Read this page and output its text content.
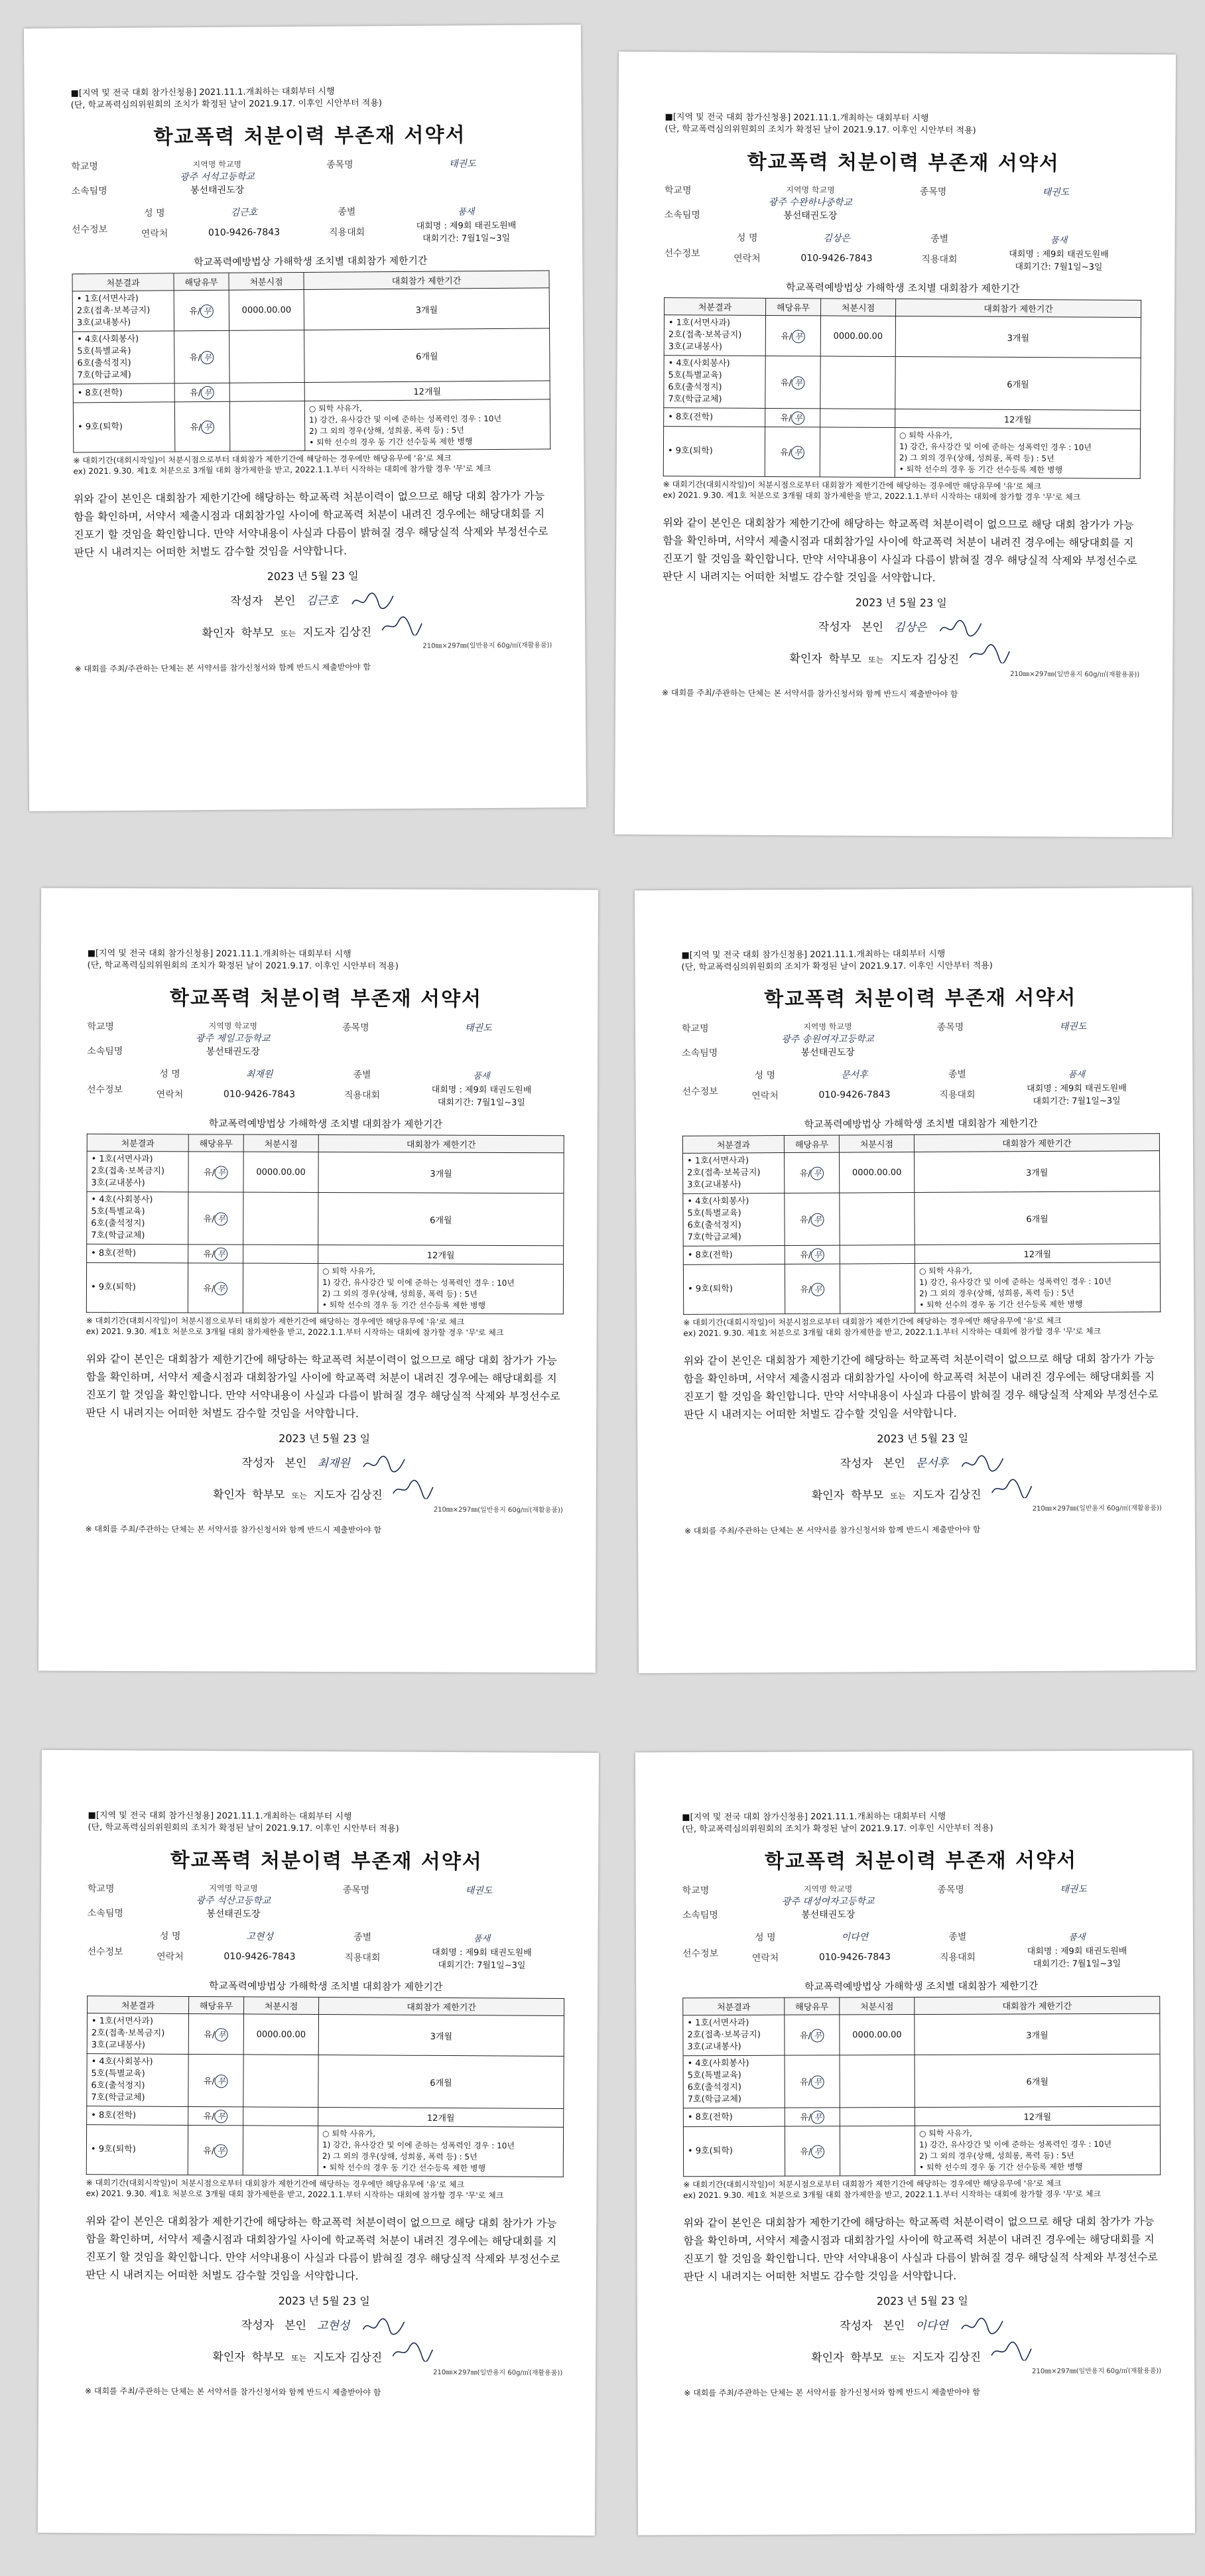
■[지역 및 전국 대회 참가신청용] 2021.11.1.개최하는 대회부터 시행
(단, 학교폭력심의위원회의 조치가 확정된 날이 2021.9.17. 이후인 시안부터 적용)
학교폭력 처분이력 부존재 서약서
학교명	지역명 학교명
광주 서석고등학교
종목명	태권도
소속팀명	봉선태권도장
선수정보
성 명	김근호	종별	품새
연락처	010-9426-7843	직용대회
대회명 : 제9회 태권도원배
대회기간: 7월1일~3일
학교폭력예방법상 가해학생 조치별 대회참가 제한기간
처분결과	해당유무	처분시점	대회참가 제한기간
• 1호(서면사과)
2호(접촉·보복금지)
3호(교내봉사)	유/ 무	0000.00.00	3개월
• 4호(사회봉사)
5호(특별교육)
6호(출석정지)
7호(학급교체)	유/ 무		6개월
• 8호(전학)	유/ 무		12개월
• 9호(퇴학)	유/ 무		○ 퇴학 사유가,
1) 강간, 유사강간 및 이에 준하는 성폭력인 경우 : 10년
2) 그 외의 경우(상해, 성희롱, 폭력 등) : 5년
• 퇴학 선수의 경우 동 기간 선수등록 제한 병행
※ 대회기간(대회시작일)이 처분시점으로부터 대회참가 제한기간에 해당하는 경우에만 해당유무에 '유'로 체크
ex) 2021. 9.30. 제1호 처분으로 3개월 대회 참가제한을 받고, 2022.1.1.부터 시작하는 대회에 참가할 경우 '무'로 체크
위와 같이 본인은 대회참가 제한기간에 해당하는 학교폭력 처분이력이 없으므로 해당 대회 참가가 가능함을 확인하며, 서약서 제출시점과 대회참가일 사이에 학교폭력 처분이 내려진 경우에는 해당대회를 지진포기 할 것임을 확인합니다. 만약 서약내용이 사실과 다름이 밝혀질 경우 해당실적 삭제와 부정선수로 판단 시 내려지는 어떠한 처벌도 감수할 것임을 서약합니다.
2023 년 5월 23 일
작성자 본인 김근호
확인자 학부모 또는 지도자 김상진
210㎜×297㎜(일반용지 60g/㎡(재활용품))
※ 대회를 주최/주관하는 단체는 본 서약서를 참가신청서와 함께 반드시 제출받아야 함
■[지역 및 전국 대회 참가신청용] 2021.11.1.개최하는 대회부터 시행
(단, 학교폭력심의위원회의 조치가 확정된 날이 2021.9.17. 이후인 시안부터 적용)
학교폭력 처분이력 부존재 서약서
학교명	지역명 학교명
광주 수완하나중학교
종목명	태권도
소속팀명	봉선태권도장
선수정보
성 명	김상은	종별	품새
연락처	010-9426-7843	직용대회	대회명 : 제9회 태권도원배
대회기간: 7월1일~3일
학교폭력예방법상 가해학생 조치별 대회참가 제한기간
처분결과	해당유무	처분시점	대회참가 제한기간
• 1호(서면사과)
2호(접촉·보복금지)
3호(교내봉사)	유/ 무	0000.00.00	3개월
• 4호(사회봉사)
5호(특별교육)
6호(출석정지)
7호(학급교체)	유/ 무		6개월
• 8호(전학)	유/ 무		12개월
• 9호(퇴학)	유/ 무		○ 퇴학 사유가,
1) 강간, 유사강간 및 이에 준하는 성폭력인 경우 : 10년
2) 그 외의 경우(상해, 성희롱, 폭력 등) : 5년
• 퇴학 선수의 경우 동 기간 선수등록 제한 병행
※ 대회기간(대회시작일)이 처분시점으로부터 대회참가 제한기간에 해당하는 경우에만 해당유무에 '유'로 체크
ex) 2021. 9.30. 제1호 처분으로 3개월 대회 참가제한을 받고, 2022.1.1.부터 시작하는 대회에 참가할 경우 '무'로 체크
위와 같이 본인은 대회참가 제한기간에 해당하는 학교폭력 처분이력이 없으므로 해당 대회 참가가 가능함을 확인하며, 서약서 제출시점과 대회참가일 사이에 학교폭력 처분이 내려진 경우에는 해당대회를 지진포기 할 것임을 확인합니다. 만약 서약내용이 사실과 다름이 밝혀질 경우 해당실적 삭제와 부정선수로 판단 시 내려지는 어떠한 처벌도 감수할 것임을 서약합니다.
2023 년 5월 23 일
작성자 본인 김상은
확인자 학부모 또는 지도자 김상진
210㎜×297㎜(일반용지 60g/㎡(재활용품))
※ 대회를 주최/주관하는 단체는 본 서약서를 참가신청서와 함께 반드시 제출받아야 함
■[지역 및 전국 대회 참가신청용] 2021.11.1.개최하는 대회부터 시행
(단, 학교폭력심의위원회의 조치가 확정된 날이 2021.9.17. 이후인 시안부터 적용)
학교폭력 처분이력 부존재 서약서
학교명	지역명 학교명
광주 제일고등학교
종목명	태권도
소속팀명	봉선태권도장
선수정보
성 명	최재원	종별	품새
연락처	010-9426-7843	직용대회	대회명 : 제9회 태권도원배
대회기간: 7월1일~3일
학교폭력예방법상 가해학생 조치별 대회참가 제한기간
처분결과	해당유무	처분시점	대회참가 제한기간
• 1호(서면사과)
2호(접촉·보복금지)
3호(교내봉사)	유/ 무	0000.00.00	3개월
• 4호(사회봉사)
5호(특별교육)
6호(출석정지)
7호(학급교체)	유/ 무		6개월
• 8호(전학)	유/ 무		12개월
• 9호(퇴학)	유/ 무		○ 퇴학 사유가,
1) 강간, 유사강간 및 이에 준하는 성폭력인 경우 : 10년
2) 그 외의 경우(상해, 성희롱, 폭력 등) : 5년
• 퇴학 선수의 경우 동 기간 선수등록 제한 병행
※ 대회기간(대회시작일)이 처분시점으로부터 대회참가 제한기간에 해당하는 경우에만 해당유무에 '유'로 체크
ex) 2021. 9.30. 제1호 처분으로 3개월 대회 참가제한을 받고, 2022.1.1.부터 시작하는 대회에 참가할 경우 '무'로 체크
위와 같이 본인은 대회참가 제한기간에 해당하는 학교폭력 처분이력이 없으므로 해당 대회 참가가 가능함을 확인하며, 서약서 제출시점과 대회참가일 사이에 학교폭력 처분이 내려진 경우에는 해당대회를 지진포기 할 것임을 확인합니다. 만약 서약내용이 사실과 다름이 밝혀질 경우 해당실적 삭제와 부정선수로 판단 시 내려지는 어떠한 처벌도 감수할 것임을 서약합니다.
2023 년 5월 23 일
작성자 본인 최재원
확인자 학부모 또는 지도자 김상진
210㎜×297㎜(일반용지 60g/㎡(재활용품))
※ 대회를 주최/주관하는 단체는 본 서약서를 참가신청서와 함께 반드시 제출받아야 함
■[지역 및 전국 대회 참가신청용] 2021.11.1.개최하는 대회부터 시행
(단, 학교폭력심의위원회의 조치가 확정된 날이 2021.9.17. 이후인 시안부터 적용)
학교폭력 처분이력 부존재 서약서
학교명	지역명 학교명
광주 송원여자고등학교
종목명	태권도
소속팀명	봉선태권도장
선수정보
성 명	문서후	종별	품새
연락처	010-9426-7843	직용대회
대회명 : 제9회 태권도원배
대회기간: 7월1일~3일
학교폭력예방법상 가해학생 조치별 대회참가 제한기간
처분결과	해당유무	처분시점	대회참가 제한기간
• 1호(서면사과)
2호(접촉·보복금지)
3호(교내봉사)	유/ 무	0000.00.00	3개월
• 4호(사회봉사)
5호(특별교육)
6호(출석정지)
7호(학급교체)	유/ 무		6개월
• 8호(전학)	유/ 무		12개월
• 9호(퇴학)	유/ 무		○ 퇴학 사유가,
1) 강간, 유사강간 및 이에 준하는 성폭력인 경우 : 10년
2) 그 외의 경우(상해, 성희롱, 폭력 등) : 5년
• 퇴학 선수의 경우 동 기간 선수등록 제한 병행
※ 대회기간(대회시작일)이 처분시점으로부터 대회참가 제한기간에 해당하는 경우에만 해당유무에 '유'로 체크
ex) 2021. 9.30. 제1호 처분으로 3개월 대회 참가제한을 받고, 2022.1.1.부터 시작하는 대회에 참가할 경우 '무'로 체크
위와 같이 본인은 대회참가 제한기간에 해당하는 학교폭력 처분이력이 없으므로 해당 대회 참가가 가능함을 확인하며, 서약서 제출시점과 대회참가일 사이에 학교폭력 처분이 내려진 경우에는 해당대회를 지진포기 할 것임을 확인합니다. 만약 서약내용이 사실과 다름이 밝혀질 경우 해당실적 삭제와 부정선수로 판단 시 내려지는 어떠한 처벌도 감수할 것임을 서약합니다.
2023 년 5월 23 일
작성자 본인 문서후
확인자 학부모 또는 지도자 김상진
210㎜×297㎜(일반용지 60g/㎡(재활용품))
※ 대회를 주최/주관하는 단체는 본 서약서를 참가신청서와 함께 반드시 제출받아야 함
■[지역 및 전국 대회 참가신청용] 2021.11.1.개최하는 대회부터 시행
(단, 학교폭력심의위원회의 조치가 확정된 날이 2021.9.17. 이후인 시안부터 적용)
학교폭력 처분이력 부존재 서약서
학교명	지역명 학교명
광주 석산고등학교
종목명	태권도
소속팀명	봉선태권도장
선수정보
성 명	고현성	종별	품새
연락처	010-9426-7843	직용대회	대회명 : 제9회 태권도원배
대회기간: 7월1일~3일
학교폭력예방법상 가해학생 조치별 대회참가 제한기간
처분결과	해당유무	처분시점	대회참가 제한기간
• 1호(서면사과)
2호(접촉·보복금지)
3호(교내봉사)	유/ 무	0000.00.00	3개월
• 4호(사회봉사)
5호(특별교육)
6호(출석정지)
7호(학급교체)	유/ 무		6개월
• 8호(전학)	유/ 무		12개월
• 9호(퇴학)	유/ 무		○ 퇴학 사유가,
1) 강간, 유사강간 및 이에 준하는 성폭력인 경우 : 10년
2) 그 외의 경우(상해, 성희롱, 폭력 등) : 5년
• 퇴학 선수의 경우 동 기간 선수등록 제한 병행
※ 대회기간(대회시작일)이 처분시점으로부터 대회참가 제한기간에 해당하는 경우에만 해당유무에 '유'로 체크
ex) 2021. 9.30. 제1호 처분으로 3개월 대회 참가제한을 받고, 2022.1.1.부터 시작하는 대회에 참가할 경우 '무'로 체크
위와 같이 본인은 대회참가 제한기간에 해당하는 학교폭력 처분이력이 없으므로 해당 대회 참가가 가능함을 확인하며, 서약서 제출시점과 대회참가일 사이에 학교폭력 처분이 내려진 경우에는 해당대회를 지진포기 할 것임을 확인합니다. 만약 서약내용이 사실과 다름이 밝혀질 경우 해당실적 삭제와 부정선수로 판단 시 내려지는 어떠한 처벌도 감수할 것임을 서약합니다.
2023 년 5월 23 일
작성자 본인 고현성
확인자 학부모 또는 지도자 김상진
210㎜×297㎜(일반용지 60g/㎡(재활용품))
※ 대회를 주최/주관하는 단체는 본 서약서를 참가신청서와 함께 반드시 제출받아야 함
■[지역 및 전국 대회 참가신청용] 2021.11.1.개최하는 대회부터 시행
(단, 학교폭력심의위원회의 조치가 확정된 날이 2021.9.17. 이후인 시안부터 적용)
학교폭력 처분이력 부존재 서약서
학교명	지역명 학교명
광주 대성여자고등학교
종목명	태권도
소속팀명	봉선태권도장
선수정보
성 명	이다연	종별	품새
연락처	010-9426-7843	직용대회
대회명 : 제9회 태권도원배
대회기간: 7월1일~3일
학교폭력예방법상 가해학생 조치별 대회참가 제한기간
처분결과	해당유무	처분시점	대회참가 제한기간
• 1호(서면사과)
2호(접촉·보복금지)
3호(교내봉사)	유/ 무	0000.00.00	3개월
• 4호(사회봉사)
5호(특별교육)
6호(출석정지)
7호(학급교체)	유/ 무		6개월
• 8호(전학)	유/ 무		12개월
• 9호(퇴학)	유/ 무		○ 퇴학 사유가,
1) 강간, 유사강간 및 이에 준하는 성폭력인 경우 : 10년
2) 그 외의 경우(상해, 성희롱, 폭력 등) : 5년
• 퇴학 선수의 경우 동 기간 선수등록 제한 병행
※ 대회기간(대회시작일)이 처분시점으로부터 대회참가 제한기간에 해당하는 경우에만 해당유무에 '유'로 체크
ex) 2021. 9.30. 제1호 처분으로 3개월 대회 참가제한을 받고, 2022.1.1.부터 시작하는 대회에 참가할 경우 '무'로 체크
위와 같이 본인은 대회참가 제한기간에 해당하는 학교폭력 처분이력이 없으므로 해당 대회 참가가 가능함을 확인하며, 서약서 제출시점과 대회참가일 사이에 학교폭력 처분이 내려진 경우에는 해당대회를 지진포기 할 것임을 확인합니다. 만약 서약내용이 사실과 다름이 밝혀질 경우 해당실적 삭제와 부정선수로 판단 시 내려지는 어떠한 처벌도 감수할 것임을 서약합니다.
2023 년 5월 23 일
작성자 본인 이다연
확인자 학부모 또는 지도자 김상진
210㎜×297㎜(일반용지 60g/㎡(재활용품))
※ 대회를 주최/주관하는 단체는 본 서약서를 참가신청서와 함께 반드시 제출받아야 함
